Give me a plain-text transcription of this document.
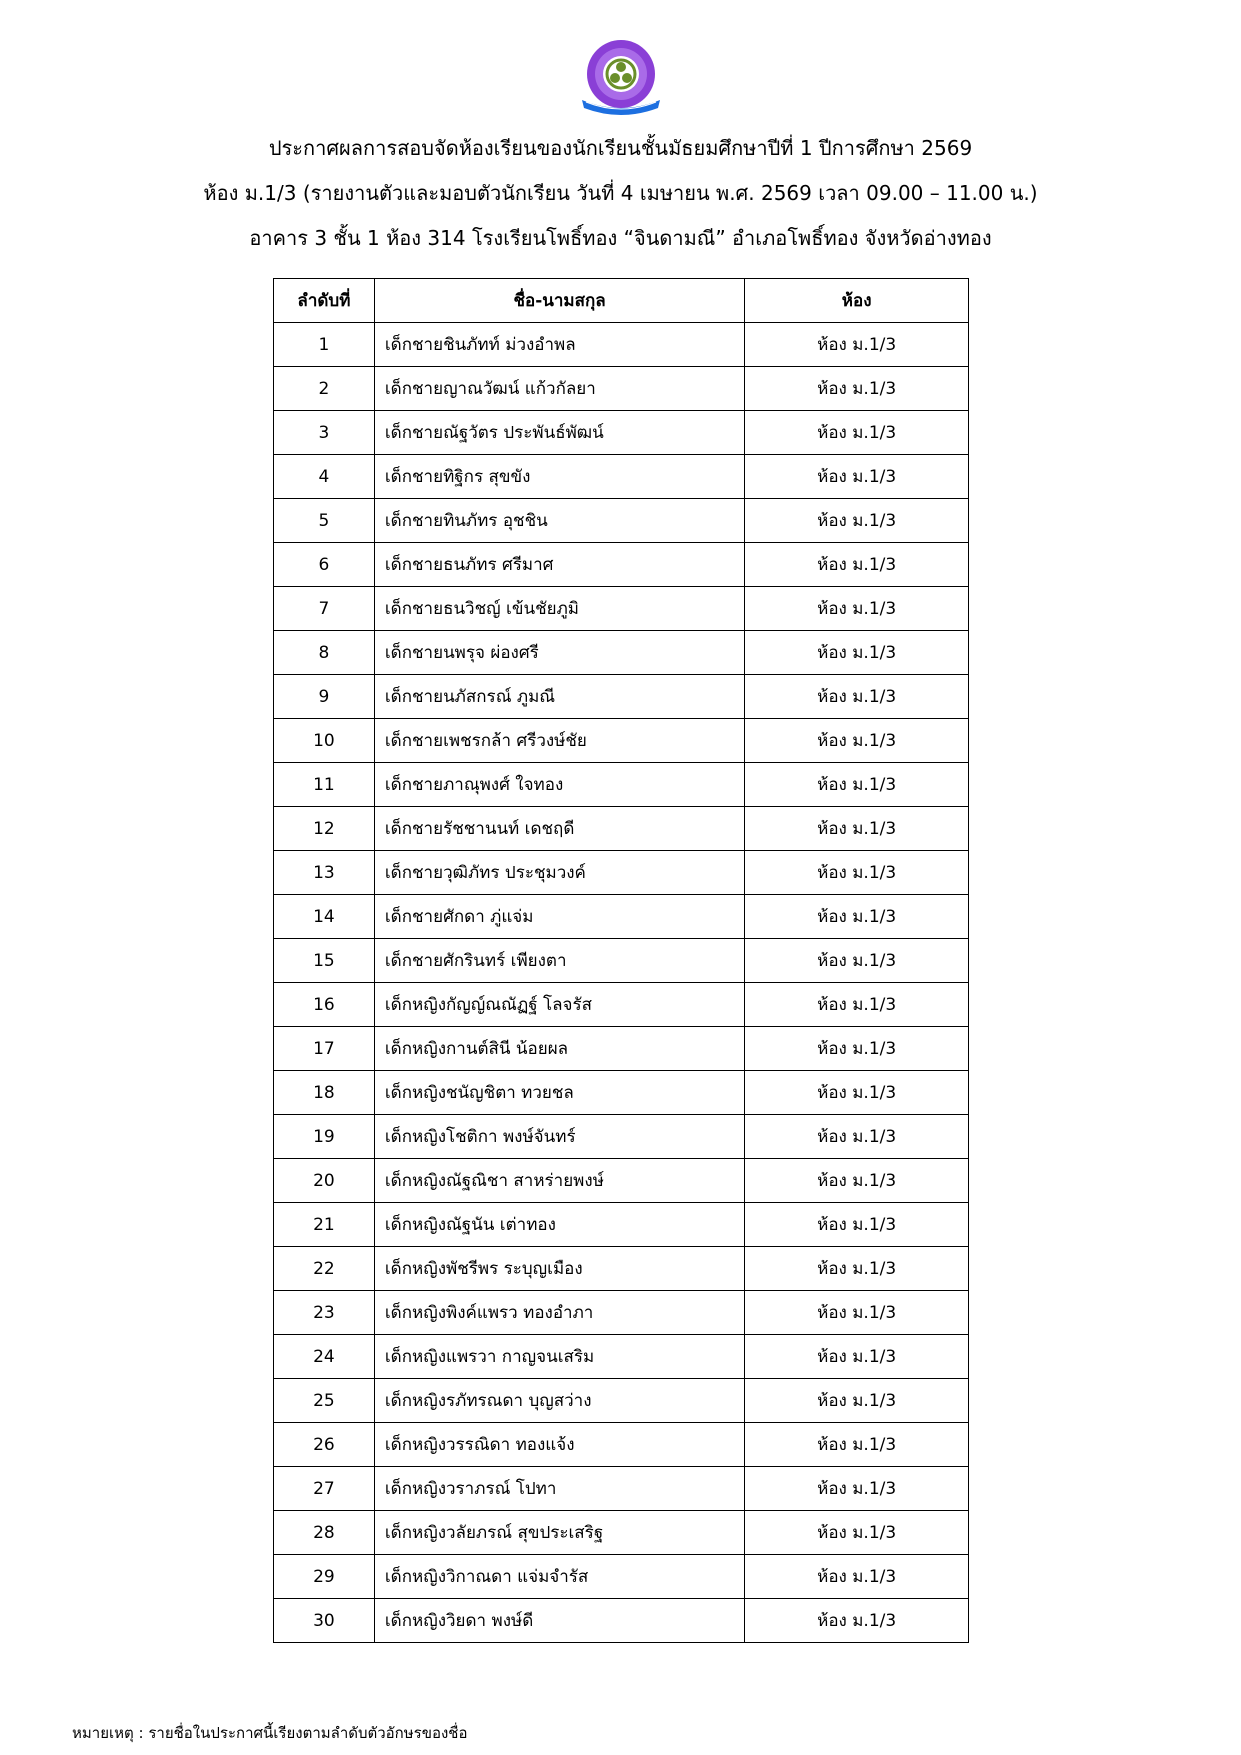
ประกาศผลการสอบจัดห้องเรียนของนักเรียนชั้นมัธยมศึกษาปีที่ 1 ปีการศึกษา 2569
ห้อง ม.1/3 (รายงานตัวและมอบตัวนักเรียน วันที่ 4 เมษายน พ.ศ. 2569 เวลา 09.00 – 11.00 น.)
อาคาร 3 ชั้น 1 ห้อง 314 โรงเรียนโพธิ์ทอง “จินดามณี” อำเภอโพธิ์ทอง จังหวัดอ่างทอง
ลำดับที่	ชื่อ-นามสกุล	ห้อง
1	เด็กชายชินภัทท์ ม่วงอำพล	ห้อง ม.1/3
2	เด็กชายญาณวัฒน์ แก้วกัลยา	ห้อง ม.1/3
3	เด็กชายณัฐวัตร ประพันธ์พัฒน์	ห้อง ม.1/3
4	เด็กชายทิฐิกร สุขขัง	ห้อง ม.1/3
5	เด็กชายทินภัทร อุชชิน	ห้อง ม.1/3
6	เด็กชายธนภัทร ศรีมาศ	ห้อง ม.1/3
7	เด็กชายธนวิชญ์ เข้นชัยภูมิ	ห้อง ม.1/3
8	เด็กชายนพรุจ ผ่องศรี	ห้อง ม.1/3
9	เด็กชายนภัสกรณ์ ภูมณี	ห้อง ม.1/3
10	เด็กชายเพชรกล้า ศรีวงษ์ชัย	ห้อง ม.1/3
11	เด็กชายภาณุพงศ์ ใจทอง	ห้อง ม.1/3
12	เด็กชายรัชชานนท์ เดชฤดี	ห้อง ม.1/3
13	เด็กชายวุฒิภัทร ประชุมวงค์	ห้อง ม.1/3
14	เด็กชายศักดา ภู่แจ่ม	ห้อง ม.1/3
15	เด็กชายศักรินทร์ เพียงตา	ห้อง ม.1/3
16	เด็กหญิงกัญญ์ณณัฏฐ์ โลจรัส	ห้อง ม.1/3
17	เด็กหญิงกานต์สินี น้อยผล	ห้อง ม.1/3
18	เด็กหญิงชนัญชิตา ทวยชล	ห้อง ม.1/3
19	เด็กหญิงโชติกา พงษ์จันทร์	ห้อง ม.1/3
20	เด็กหญิงณัฐณิชา สาหร่ายพงษ์	ห้อง ม.1/3
21	เด็กหญิงณัฐนัน เต่าทอง	ห้อง ม.1/3
22	เด็กหญิงพัชรีพร ระบุญเมือง	ห้อง ม.1/3
23	เด็กหญิงพิงค์แพรว ทองอำภา	ห้อง ม.1/3
24	เด็กหญิงแพรวา กาญจนเสริม	ห้อง ม.1/3
25	เด็กหญิงรภัทรณดา บุญสว่าง	ห้อง ม.1/3
26	เด็กหญิงวรรณิดา ทองแจ้ง	ห้อง ม.1/3
27	เด็กหญิงวราภรณ์ โปทา	ห้อง ม.1/3
28	เด็กหญิงวลัยภรณ์ สุขประเสริฐ	ห้อง ม.1/3
29	เด็กหญิงวิกาณดา แจ่มจำรัส	ห้อง ม.1/3
30	เด็กหญิงวิยดา พงษ์ดี	ห้อง ม.1/3
หมายเหตุ : รายชื่อในประกาศนี้เรียงตามลำดับตัวอักษรของชื่อ
